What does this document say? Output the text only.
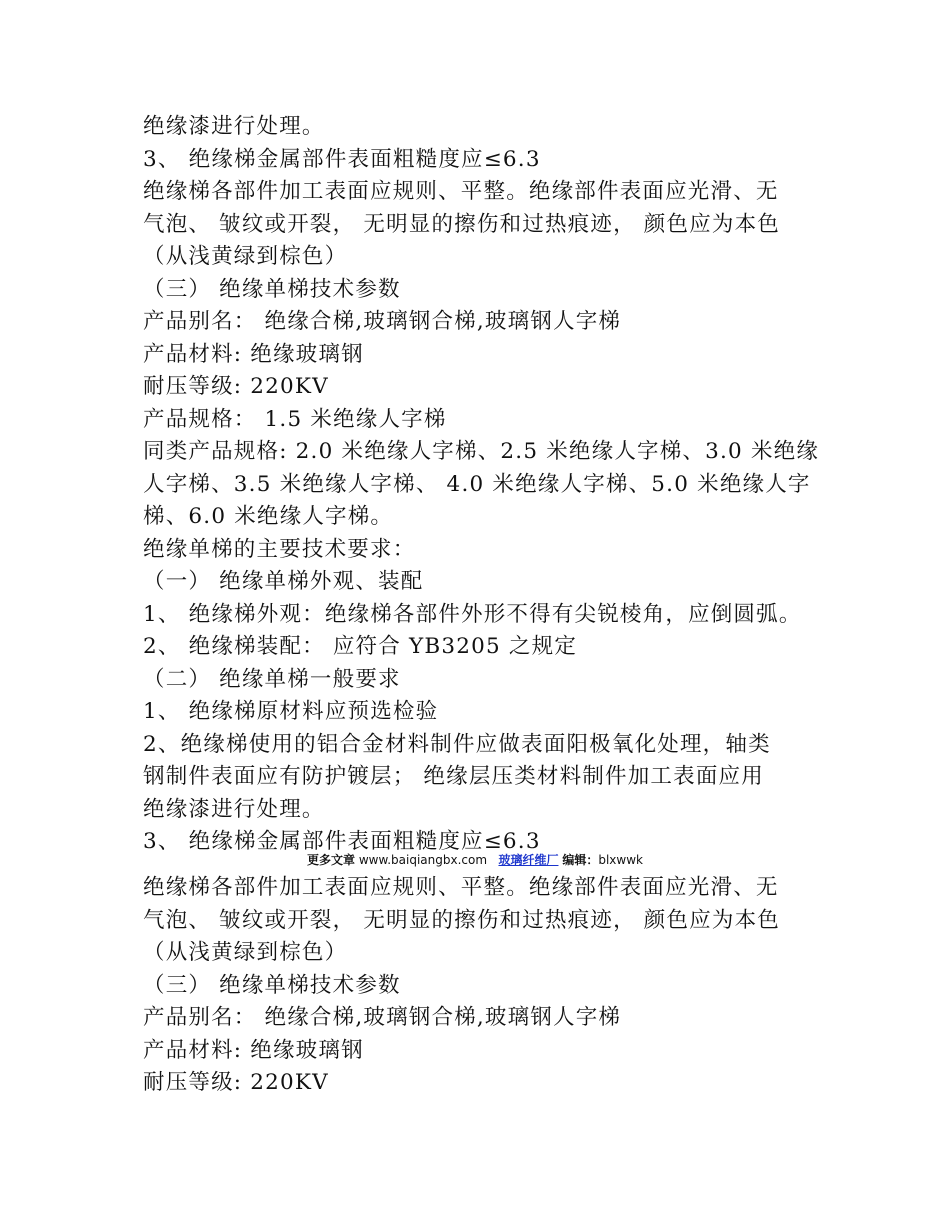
绝缘漆进行处理。
3、 绝缘梯金属部件表面粗糙度应≤6.3
绝缘梯各部件加工表面应规则、平整。绝缘部件表面应光滑、无
气泡、 皱纹或开裂， 无明显的擦伤和过热痕迹， 颜色应为本色
（从浅黄绿到棕色）
（三） 绝缘单梯技术参数
产品别名： 绝缘合梯,玻璃钢合梯,玻璃钢人字梯
产品材料: 绝缘玻璃钢
耐压等级: 220KV
产品规格： 1.5 米绝缘人字梯
同类产品规格: 2.0 米绝缘人字梯、2.5 米绝缘人字梯、3.0 米绝缘
人字梯、3.5 米绝缘人字梯、 4.0 米绝缘人字梯、5.0 米绝缘人字
梯、6.0 米绝缘人字梯。
绝缘单梯的主要技术要求：
（一） 绝缘单梯外观、装配
1、 绝缘梯外观：绝缘梯各部件外形不得有尖锐棱角，应倒圆弧。
2、 绝缘梯装配： 应符合 YB3205 之规定
（二） 绝缘单梯一般要求
1、 绝缘梯原材料应预选检验
2、绝缘梯使用的铝合金材料制件应做表面阳极氧化处理，轴类
钢制件表面应有防护镀层； 绝缘层压类材料制件加工表面应用
绝缘漆进行处理。
3、 绝缘梯金属部件表面粗糙度应≤6.3
更多文章 www.baiqiangbx.com 玻璃纤维厂 编辑：blxwwk
绝缘梯各部件加工表面应规则、平整。绝缘部件表面应光滑、无
气泡、 皱纹或开裂， 无明显的擦伤和过热痕迹， 颜色应为本色
（从浅黄绿到棕色）
（三） 绝缘单梯技术参数
产品别名： 绝缘合梯,玻璃钢合梯,玻璃钢人字梯
产品材料: 绝缘玻璃钢
耐压等级: 220KV
